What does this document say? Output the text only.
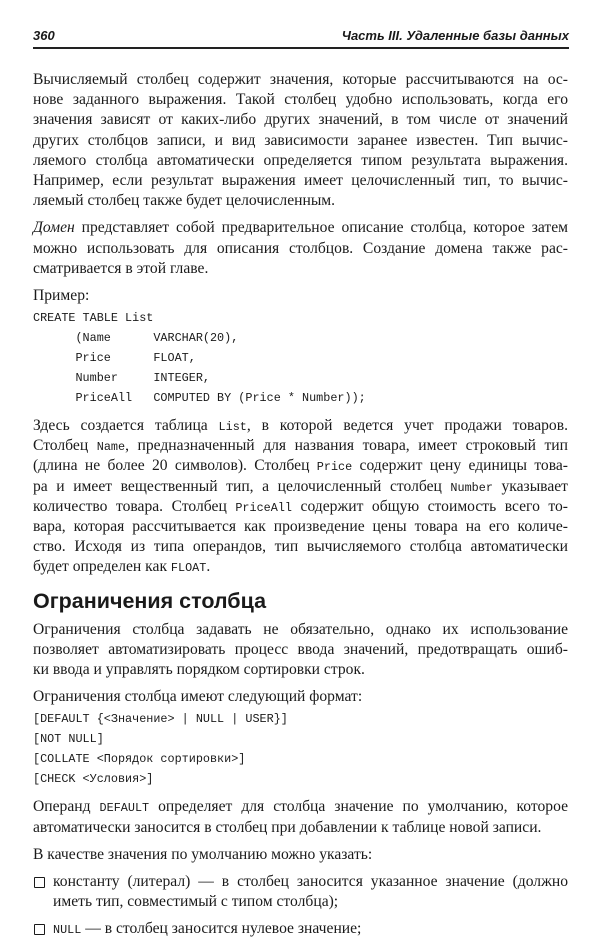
360	Часть III. Удаленные базы данных
Вычисляемый столбец содержит значения, которые рассчитываются на ос-
нове заданного выражения. Такой столбец удобно использовать, когда его
значения зависят от каких-либо других значений, в том числе от значений
других столбцов записи, и вид зависимости заранее известен. Тип вычис-
ляемого столбца автоматически определяется типом результата выражения.
Например, если результат выражения имеет целочисленный тип, то вычис-
ляемый столбец также будет целочисленным.
Домен представляет собой предварительное описание столбца, которое затем
можно использовать для описания столбцов. Создание домена также рас-
сматривается в этой главе.
Пример:
CREATE TABLE List
(Name      VARCHAR(20),
Price      FLOAT,
Number     INTEGER,
PriceAll   COMPUTED BY (Price * Number));
Здесь создается таблица List, в которой ведется учет продажи товаров.
Столбец Name, предназначенный для названия товара, имеет строковый тип
(длина не более 20 символов). Столбец Price содержит цену единицы това-
ра и имеет вещественный тип, а целочисленный столбец Number указывает
количество товара. Столбец PriceAll содержит общую стоимость всего то-
вара, которая рассчитывается как произведение цены товара на его количе-
ство. Исходя из типа операндов, тип вычисляемого столбца автоматически
будет определен как FLOAT.
Ограничения столбца
Ограничения столбца задавать не обязательно, однако их использование
позволяет автоматизировать процесс ввода значений, предотвращать ошиб-
ки ввода и управлять порядком сортировки строк.
Ограничения столбца имеют следующий формат:
[DEFAULT {<Значение> | NULL | USER}]
[NOT NULL]
[COLLATE <Порядок сортировки>]
[CHECK <Условия>]
Операнд DEFAULT определяет для столбца значение по умолчанию, которое
автоматически заносится в столбец при добавлении к таблице новой записи.
В качестве значения по умолчанию можно указать:
константу (литерал) — в столбец заносится указанное значение (должно
иметь тип, совместимый с типом столбца);
NULL — в столбец заносится нулевое значение;
